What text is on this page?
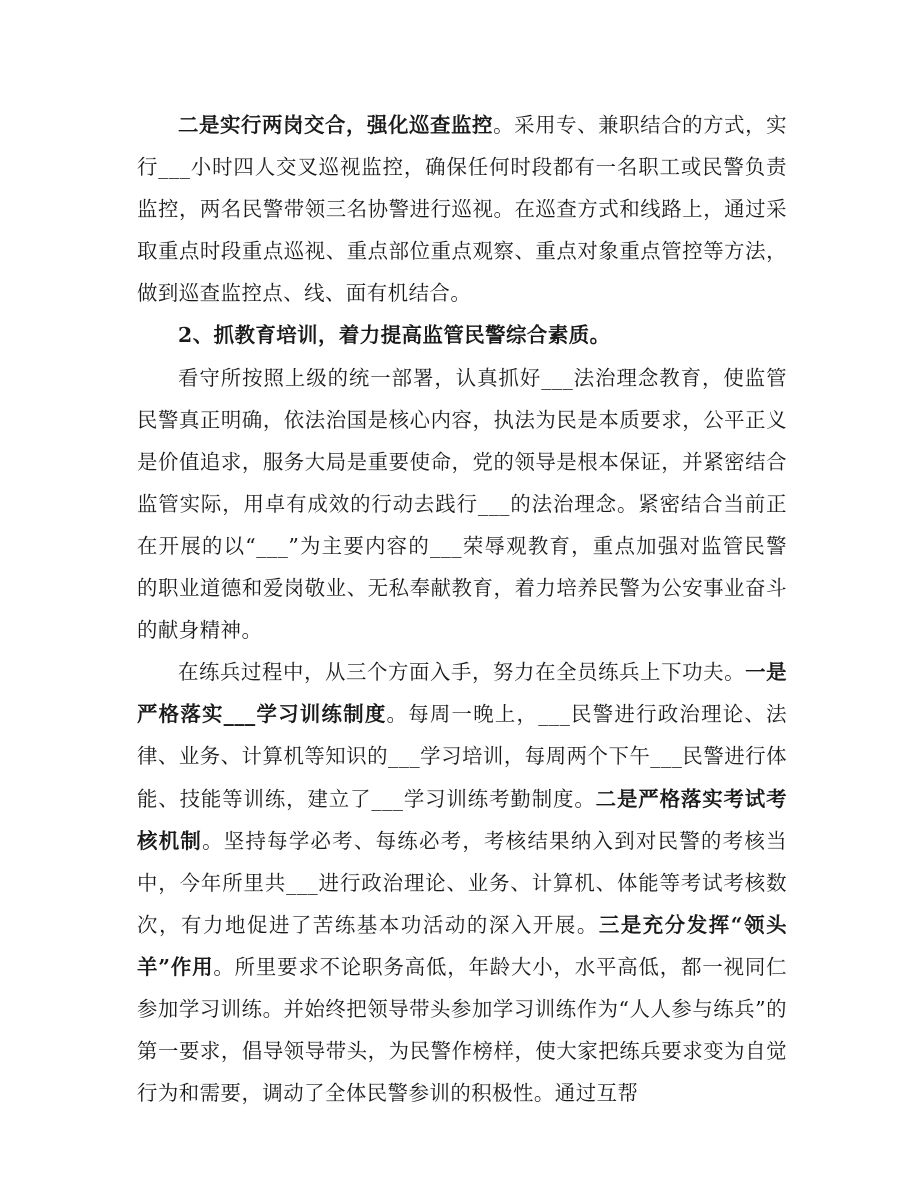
二是实行两岗交合，强化巡查监控。采用专、兼职结合的方式，实行___小时四人交叉巡视监控，确保任何时段都有一名职工或民警负责监控，两名民警带领三名协警进行巡视。在巡查方式和线路上，通过采取重点时段重点巡视、重点部位重点观察、重点对象重点管控等方法，做到巡查监控点、线、面有机结合。

2、抓教育培训，着力提高监管民警综合素质。

看守所按照上级的统一部署，认真抓好___法治理念教育，使监管民警真正明确，依法治国是核心内容，执法为民是本质要求，公平正义是价值追求，服务大局是重要使命，党的领导是根本保证，并紧密结合监管实际，用卓有成效的行动去践行___的法治理念。紧密结合当前正在开展的以“___”为主要内容的___荣辱观教育，重点加强对监管民警的职业道德和爱岗敬业、无私奉献教育，着力培养民警为公安事业奋斗的献身精神。

在练兵过程中，从三个方面入手，努力在全员练兵上下功夫。一是严格落实___学习训练制度。每周一晚上，___民警进行政治理论、法律、业务、计算机等知识的___学习培训，每周两个下午___民警进行体能、技能等训练，建立了___学习训练考勤制度。二是严格落实考试考核机制。坚持每学必考、每练必考，考核结果纳入到对民警的考核当中，今年所里共___进行政治理论、业务、计算机、体能等考试考核数次，有力地促进了苦练基本功活动的深入开展。三是充分发挥“领头羊”作用。所里要求不论职务高低，年龄大小，水平高低，都一视同仁参加学习训练。并始终把领导带头参加学习训练作为“人人参与练兵”的第一要求，倡导领导带头，为民警作榜样，使大家把练兵要求变为自觉行为和需要，调动了全体民警参训的积极性。通过互帮
